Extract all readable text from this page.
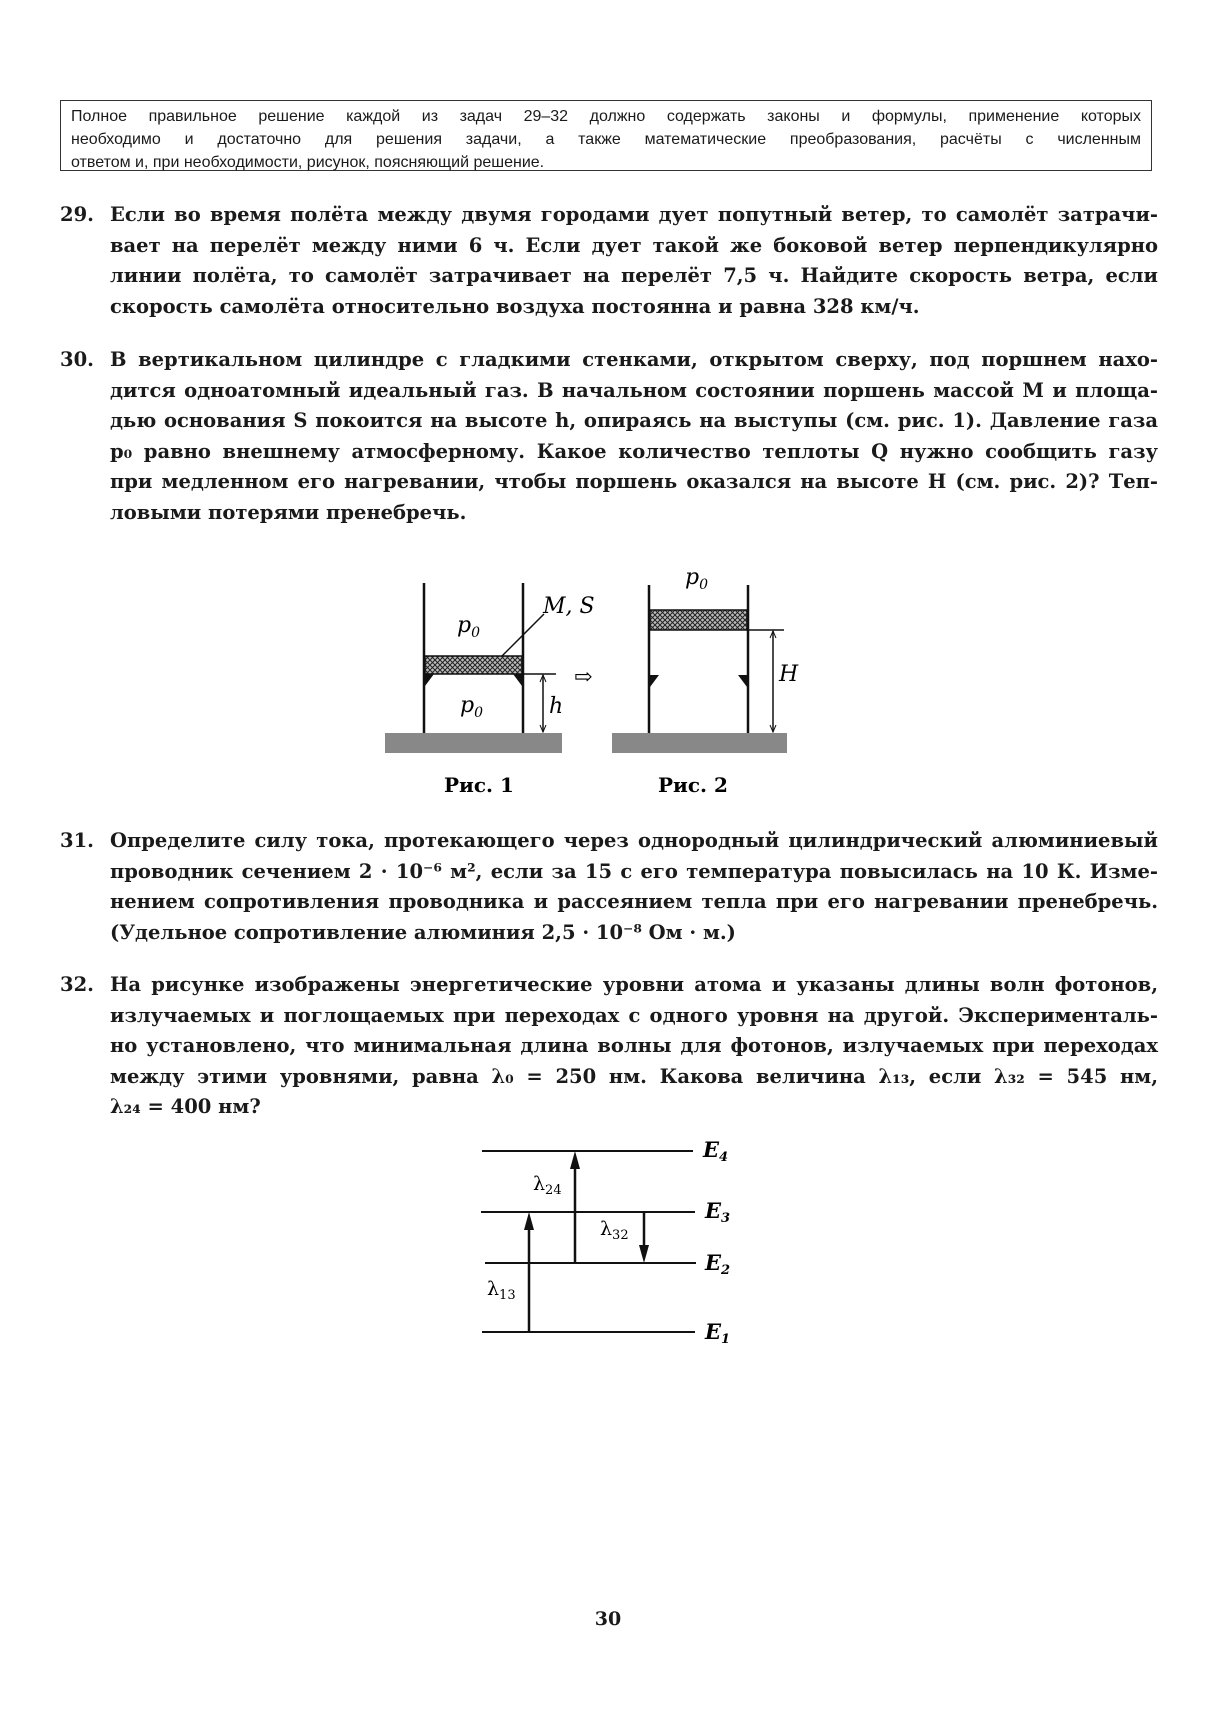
Полное правильное решение каждой из задач 29–32 должно содержать законы и формулы, применение которых
необходимо и достаточно для решения задачи, а также математические преобразования, расчёты с численным
ответом и, при необходимости, рисунок, поясняющий решение.
29. Если во время полёта между двумя городами дует попутный ветер, то самолёт затрачи-
вает на перелёт между ними 6 ч. Если дует такой же боковой ветер перпендикулярно
линии полёта, то самолёт затрачивает на перелёт 7,5 ч. Найдите скорость ветра, если
скорость самолёта относительно воздуха постоянна и равна 328 км/ч.
30. В вертикальном цилиндре с гладкими стенками, открытом сверху, под поршнем нахо-
дится одноатомный идеальный газ. В начальном состоянии поршень массой M и площа-
дью основания S покоится на высоте h, опираясь на выступы (см. рис. 1). Давление газа
p₀ равно внешнему атмосферному. Какое количество теплоты Q нужно сообщить газу
при медленном его нагревании, чтобы поршень оказался на высоте H (см. рис. 2)? Теп-
ловыми потерями пренебречь.
31. Определите силу тока, протекающего через однородный цилиндрический алюминиевый
проводник сечением 2 · 10⁻⁶ м², если за 15 с его температура повысилась на 10 К. Изме-
нением сопротивления проводника и рассеянием тепла при его нагревании пренебречь.
(Удельное сопротивление алюминия 2,5 · 10⁻⁸ Ом · м.)
32. На рисунке изображены энергетические уровни атома и указаны длины волн фотонов,
излучаемых и поглощаемых при переходах с одного уровня на другой. Эксперименталь-
но установлено, что минимальная длина волны для фотонов, излучаемых при переходах
между этими уровнями, равна λ₀ = 250 нм. Какова величина λ₁₃, если λ₃₂ = 545 нм,
λ₂₄ = 400 нм?
$p_0$
$p_0$
M, S
h
⇨
Рис. 1
$p_0$
H
Рис. 2
$\lambda_{24}$
$\lambda_{32}$
$\lambda_{13}$
E4
E3
E2
E1
30
